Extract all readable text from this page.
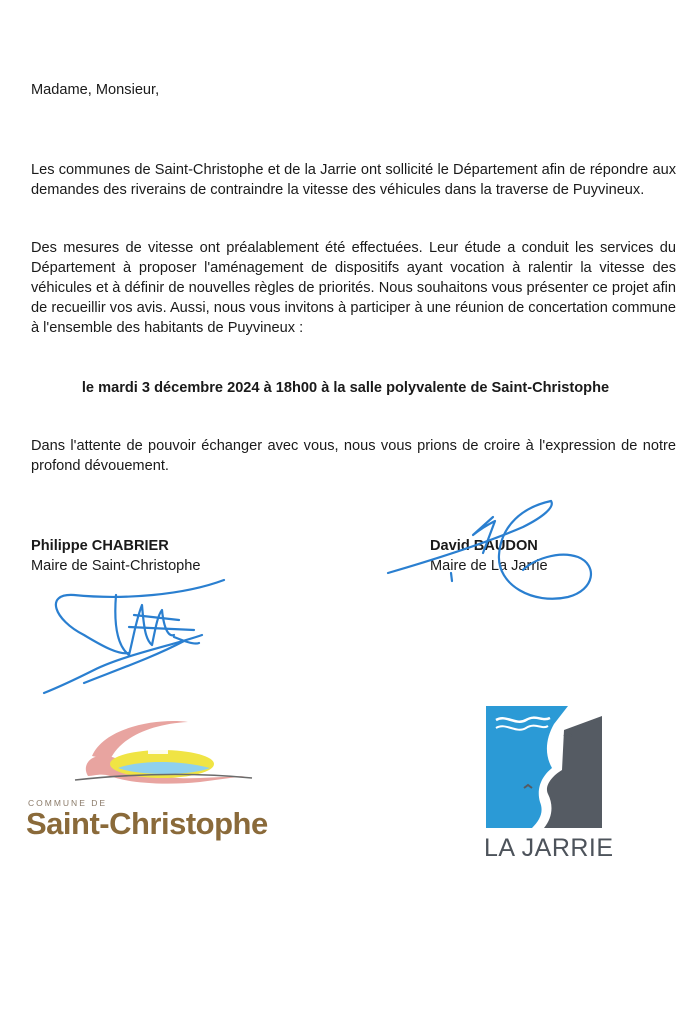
Madame, Monsieur,
Les communes de Saint-Christophe et de la Jarrie ont sollicité le Département afin de répondre aux demandes des riverains de contraindre la vitesse des véhicules dans la traverse de Puyvineux.
Des mesures de vitesse ont préalablement été effectuées. Leur étude a conduit les services du Département à proposer l'aménagement de dispositifs ayant vocation à ralentir la vitesse des véhicules et à définir de nouvelles règles de priorités. Nous souhaitons vous présenter ce projet afin de recueillir vos avis. Aussi, nous vous invitons à participer à une réunion de concertation commune à l'ensemble des habitants de Puyvineux :
le mardi 3 décembre 2024 à 18h00 à la salle polyvalente de Saint-Christophe
Dans l'attente de pouvoir échanger avec vous, nous vous prions de croire à l'expression de notre profond dévouement.
Philippe CHABRIER
Maire de Saint-Christophe
David BAUDON
Maire de La Jarrie
COMMUNE DE
Saint-Christophe
LA JARRIE
